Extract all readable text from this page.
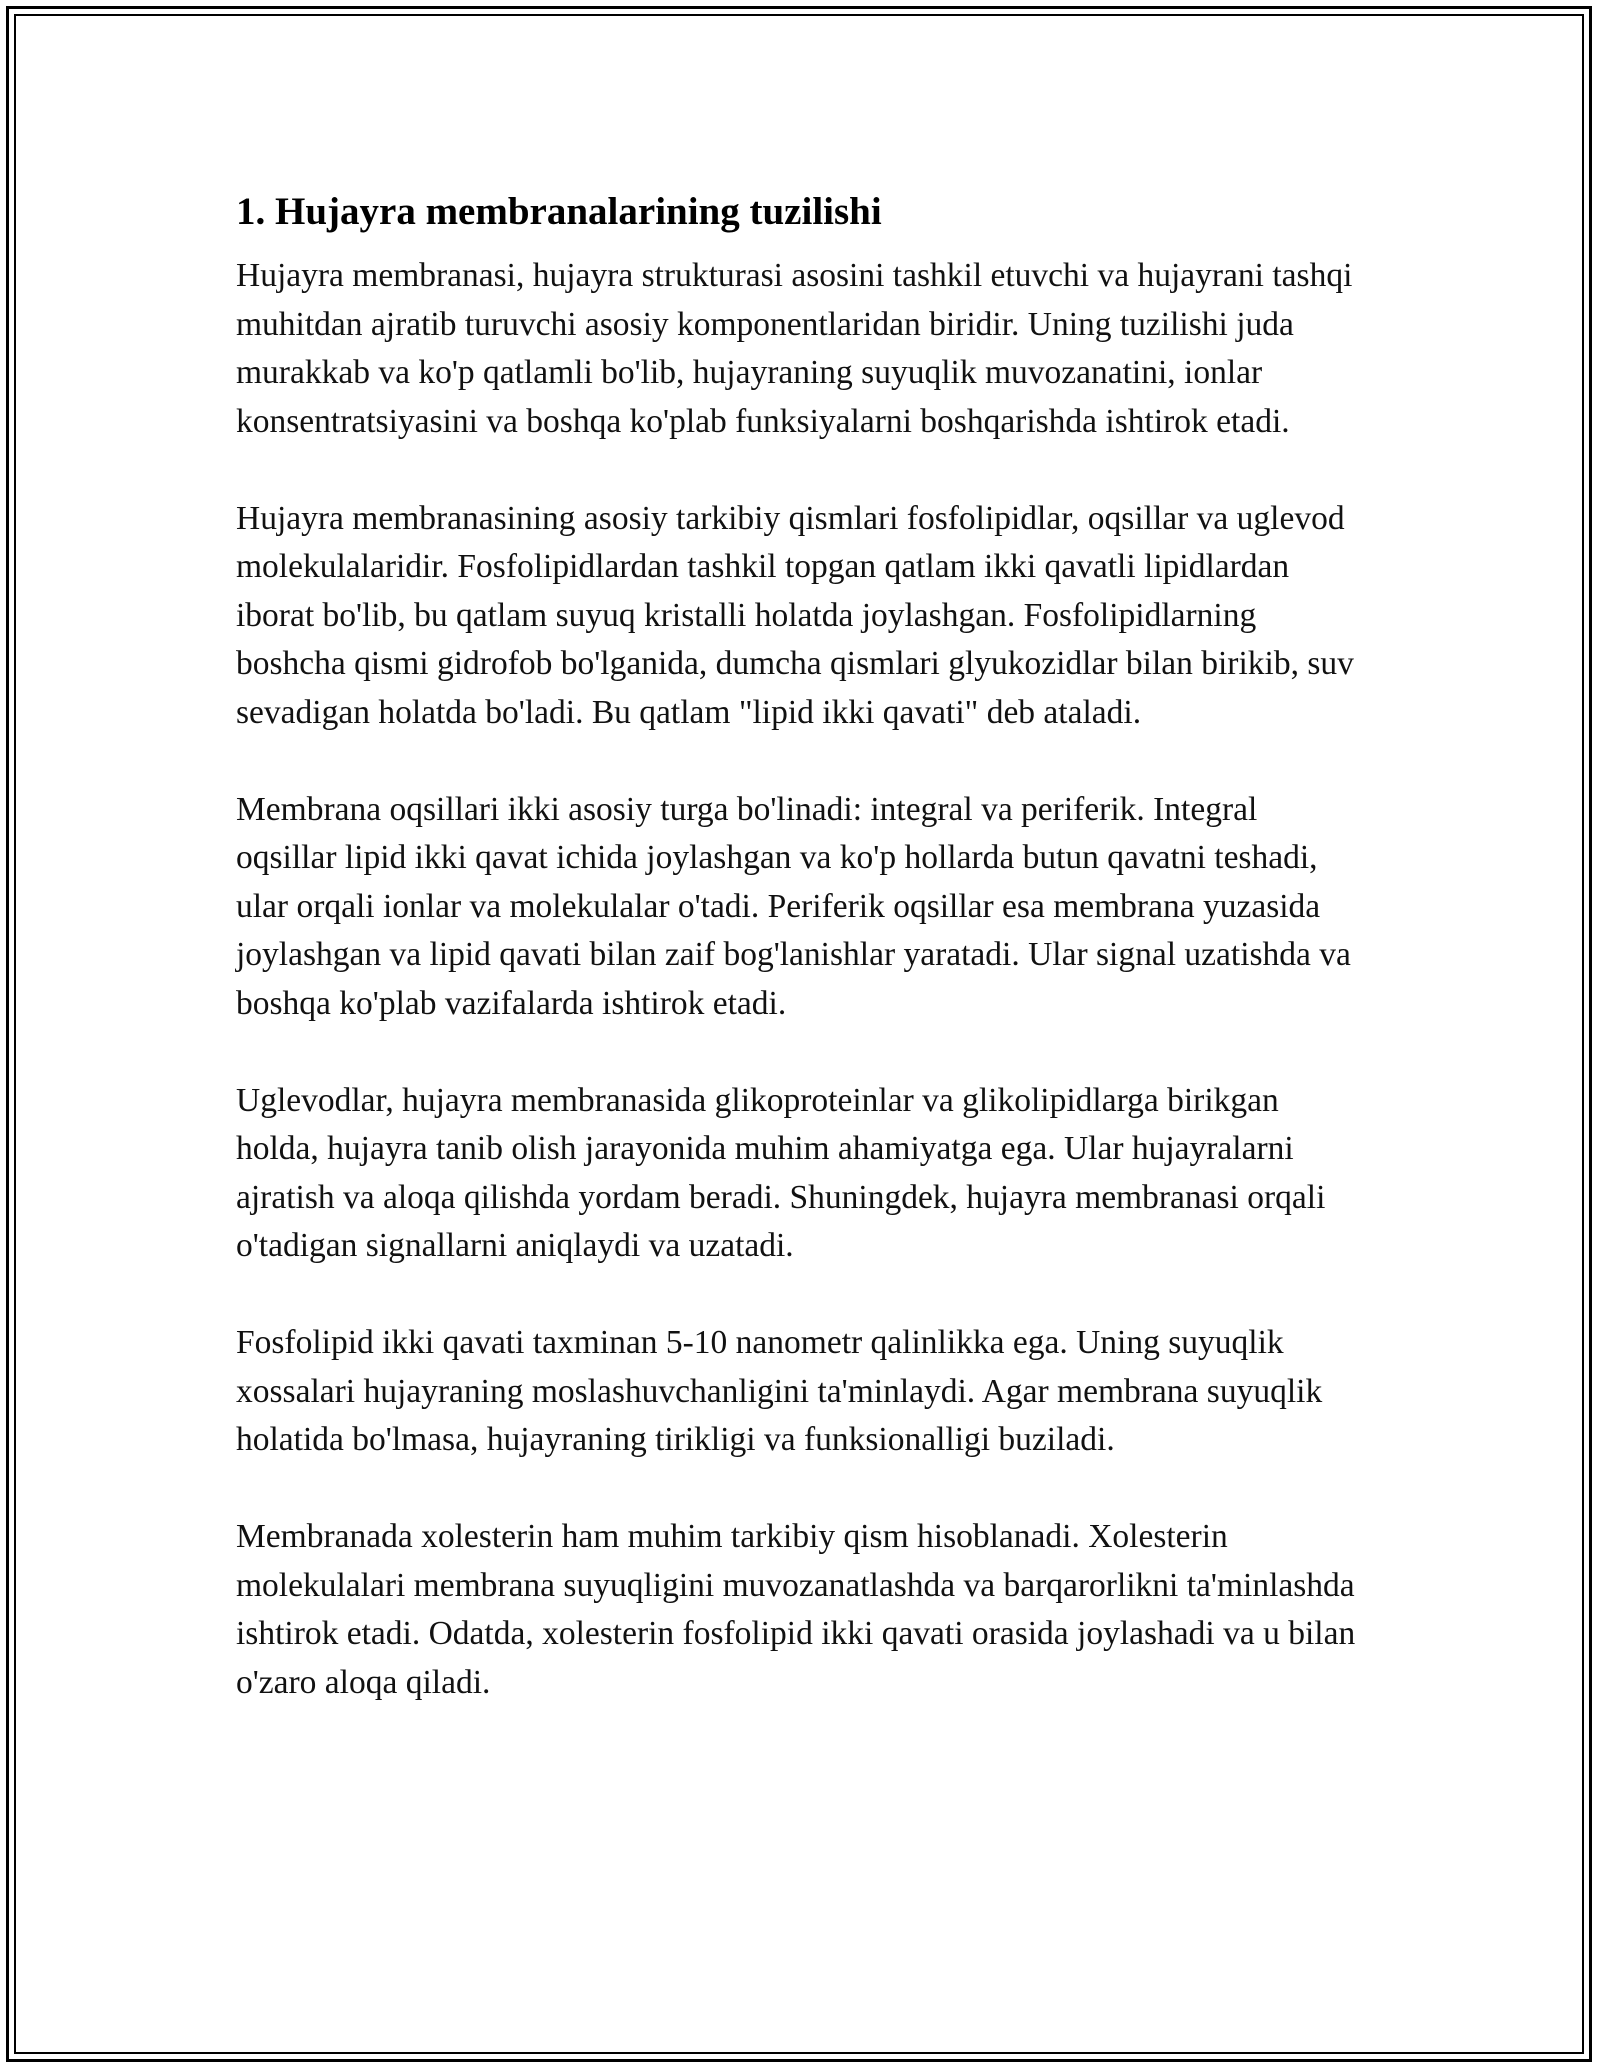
1. Hujayra membranalarining tuzilishi

Hujayra membranasi, hujayra strukturasi asosini tashkil etuvchi va hujayrani tashqi muhitdan ajratib turuvchi asosiy komponentlaridan biridir. Uning tuzilishi juda murakkab va ko'p qatlamli bo'lib, hujayraning suyuqlik muvozanatini, ionlar konsentratsiyasini va boshqa ko'plab funksiyalarni boshqarishda ishtirok etadi.

Hujayra membranasining asosiy tarkibiy qismlari fosfolipidlar, oqsillar va uglevod molekulalaridir. Fosfolipidlardan tashkil topgan qatlam ikki qavatli lipidlardan iborat bo'lib, bu qatlam suyuq kristalli holatda joylashgan. Fosfolipidlarning boshcha qismi gidrofob bo'lganida, dumcha qismlari glyukozidlar bilan birikib, suv sevadigan holatda bo'ladi. Bu qatlam "lipid ikki qavati" deb ataladi.

Membrana oqsillari ikki asosiy turga bo'linadi: integral va periferik. Integral oqsillar lipid ikki qavat ichida joylashgan va ko'p hollarda butun qavatni teshadi, ular orqali ionlar va molekulalar o'tadi. Periferik oqsillar esa membrana yuzasida joylashgan va lipid qavati bilan zaif bog'lanishlar yaratadi. Ular signal uzatishda va boshqa ko'plab vazifalarda ishtirok etadi.

Uglevodlar, hujayra membranasida glikoproteinlar va glikolipidlarga birikgan holda, hujayra tanib olish jarayonida muhim ahamiyatga ega. Ular hujayralarni ajratish va aloqa qilishda yordam beradi. Shuningdek, hujayra membranasi orqali o'tadigan signallarni aniqlaydi va uzatadi.

Fosfolipid ikki qavati taxminan 5-10 nanometr qalinlikka ega. Uning suyuqlik xossalari hujayraning moslashuvchanligini ta'minlaydi. Agar membrana suyuqlik holatida bo'lmasa, hujayraning tirikligi va funksionalligi buziladi.

Membranada xolesterin ham muhim tarkibiy qism hisoblanadi. Xolesterin molekulalari membrana suyuqligini muvozanatlashda va barqarorlikni ta'minlashda ishtirok etadi. Odatda, xolesterin fosfolipid ikki qavati orasida joylashadi va u bilan o'zaro aloqa qiladi.
